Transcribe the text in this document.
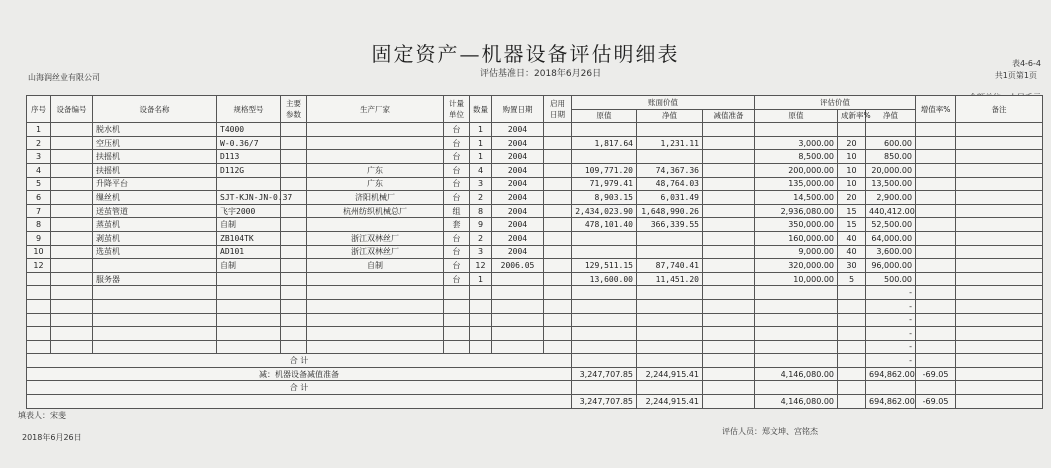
固定资产—机器设备评估明细表
评估基准日：2018年6月26日
表4-6-4
共1页第1页
山海润丝业有限公司
序号	设备编号	设备名称	规格型号	主要参数	生产厂家	计量单位	数量	购置日期	启用日期	账面价值			评估价值			增值率%	备注
										原值	净值	减值准备	原值	成新率%	净值		
1		脱水机	T4000			台	1	2004									
2		空压机	W-0.36/7			台	1	2004		1,817.64	1,231.11		3,000.00	20	600.00		
3		扶摇机	D113			台	1	2004					8,500.00	10	850.00		
4		扶摇机	D112G		广东	台	4	2004		109,771.20	74,367.36		200,000.00	10	20,000.00		
5		升降平台			广东	台	3	2004		71,979.41	48,764.03		135,000.00	10	13,500.00		
6		缫丝机	SJT-KJN-JN-0.37		济阳机械厂	台	2	2004		8,903.15	6,031.49		14,500.00	20	2,900.00		
7		送茧管道	飞宇2000		杭州纺织机械总厂	组	8	2004		2,434,023.90	1,648,990.26		2,936,080.00	15	440,412.00		
8		蒸茧机	自制			套	9	2004		478,101.40	366,339.55		350,000.00	15	52,500.00		
9		剥茧机	ZB104TK		浙江双林丝厂	台	2	2004					160,000.00	40	64,000.00		
10		选茧机	AD101		浙江双林丝厂	台	3	2004					9,000.00	40	3,600.00		
12			自制		自制	台	12	2006.05		129,511.15	87,740.41		320,000.00	30	96,000.00		
		服务器				台	1			13,600.00	11,451.20		10,000.00	5	500.00		
															-		
															-		
															-		
															-		
															-		
合 计															-		
减：机器设备减值准备										3,247,707.85	2,244,915.41		4,146,080.00		694,862.00	-69.05	
合 计																	
										3,247,707.85	2,244,915.41		4,146,080.00		694,862.00	-69.05	
填表人：宋斐
2018年6月26日
评估人员：郑文坤、宫铭杰
